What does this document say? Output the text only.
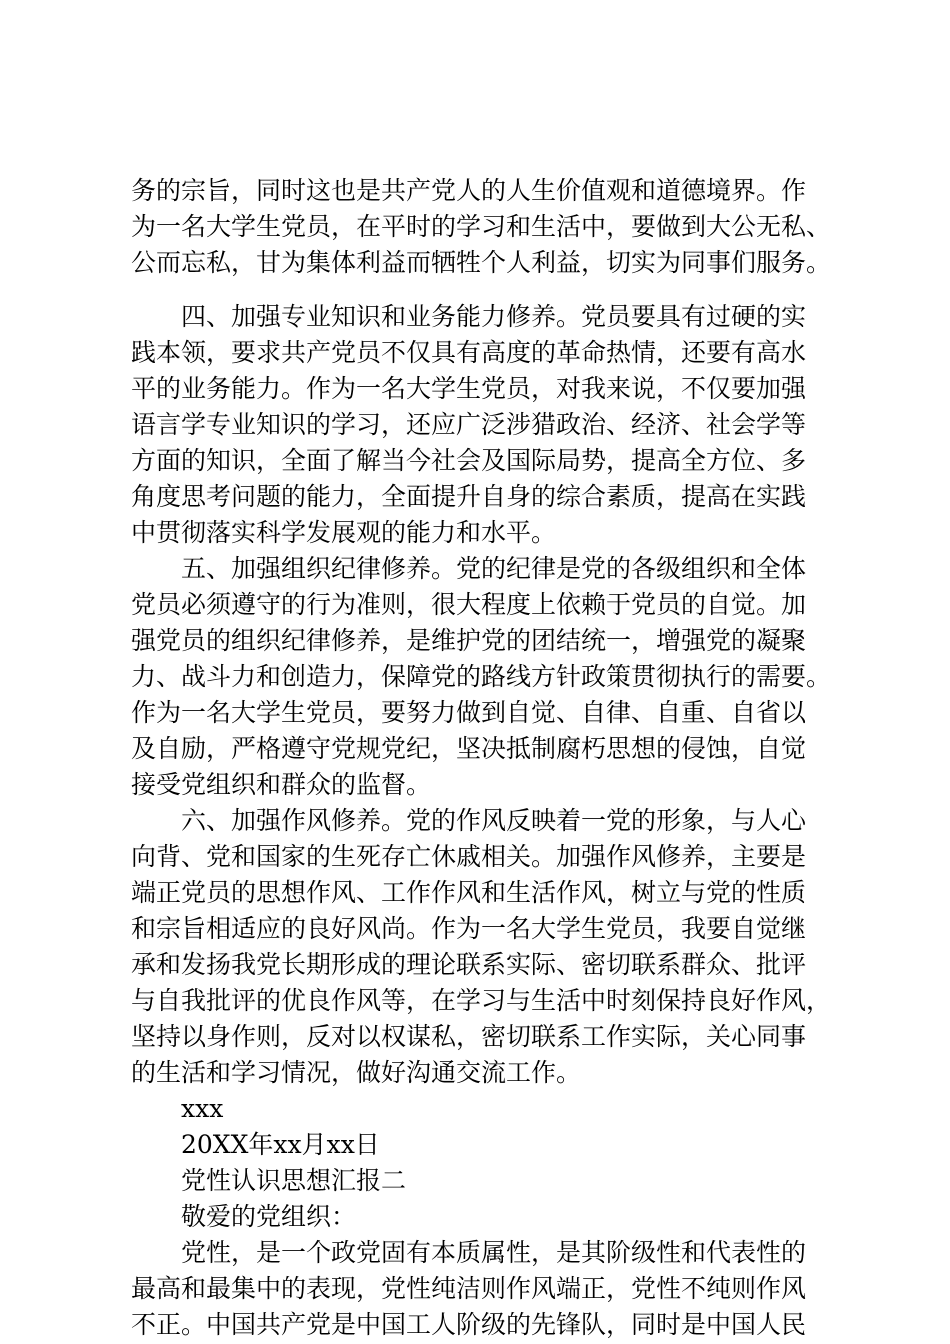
务的宗旨，同时这也是共产党人的人生价值观和道德境界。作
为一名大学生党员，在平时的学习和生活中，要做到大公无私、
公而忘私，甘为集体利益而牺牲个人利益，切实为同事们服务。
四、加强专业知识和业务能力修养。党员要具有过硬的实
践本领，要求共产党员不仅具有高度的革命热情，还要有高水
平的业务能力。作为一名大学生党员，对我来说，不仅要加强
语言学专业知识的学习，还应广泛涉猎政治、经济、社会学等
方面的知识，全面了解当今社会及国际局势，提高全方位、多
角度思考问题的能力，全面提升自身的综合素质，提高在实践
中贯彻落实科学发展观的能力和水平。
五、加强组织纪律修养。党的纪律是党的各级组织和全体
党员必须遵守的行为准则，很大程度上依赖于党员的自觉。加
强党员的组织纪律修养，是维护党的团结统一，增强党的凝聚
力、战斗力和创造力，保障党的路线方针政策贯彻执行的需要。
作为一名大学生党员，要努力做到自觉、自律、自重、自省以
及自励，严格遵守党规党纪，坚决抵制腐朽思想的侵蚀，自觉
接受党组织和群众的监督。
六、加强作风修养。党的作风反映着一党的形象，与人心
向背、党和国家的生死存亡休戚相关。加强作风修养，主要是
端正党员的思想作风、工作作风和生活作风，树立与党的性质
和宗旨相适应的良好风尚。作为一名大学生党员，我要自觉继
承和发扬我党长期形成的理论联系实际、密切联系群众、批评
与自我批评的优良作风等，在学习与生活中时刻保持良好作风，
坚持以身作则，反对以权谋私，密切联系工作实际，关心同事
的生活和学习情况，做好沟通交流工作。
xxx
20XX年xx月xx日
党性认识思想汇报二
敬爱的党组织：
党性，是一个政党固有本质属性，是其阶级性和代表性的
最高和最集中的表现，党性纯洁则作风端正，党性不纯则作风
不正。中国共产党是中国工人阶级的先锋队，同时是中国人民
